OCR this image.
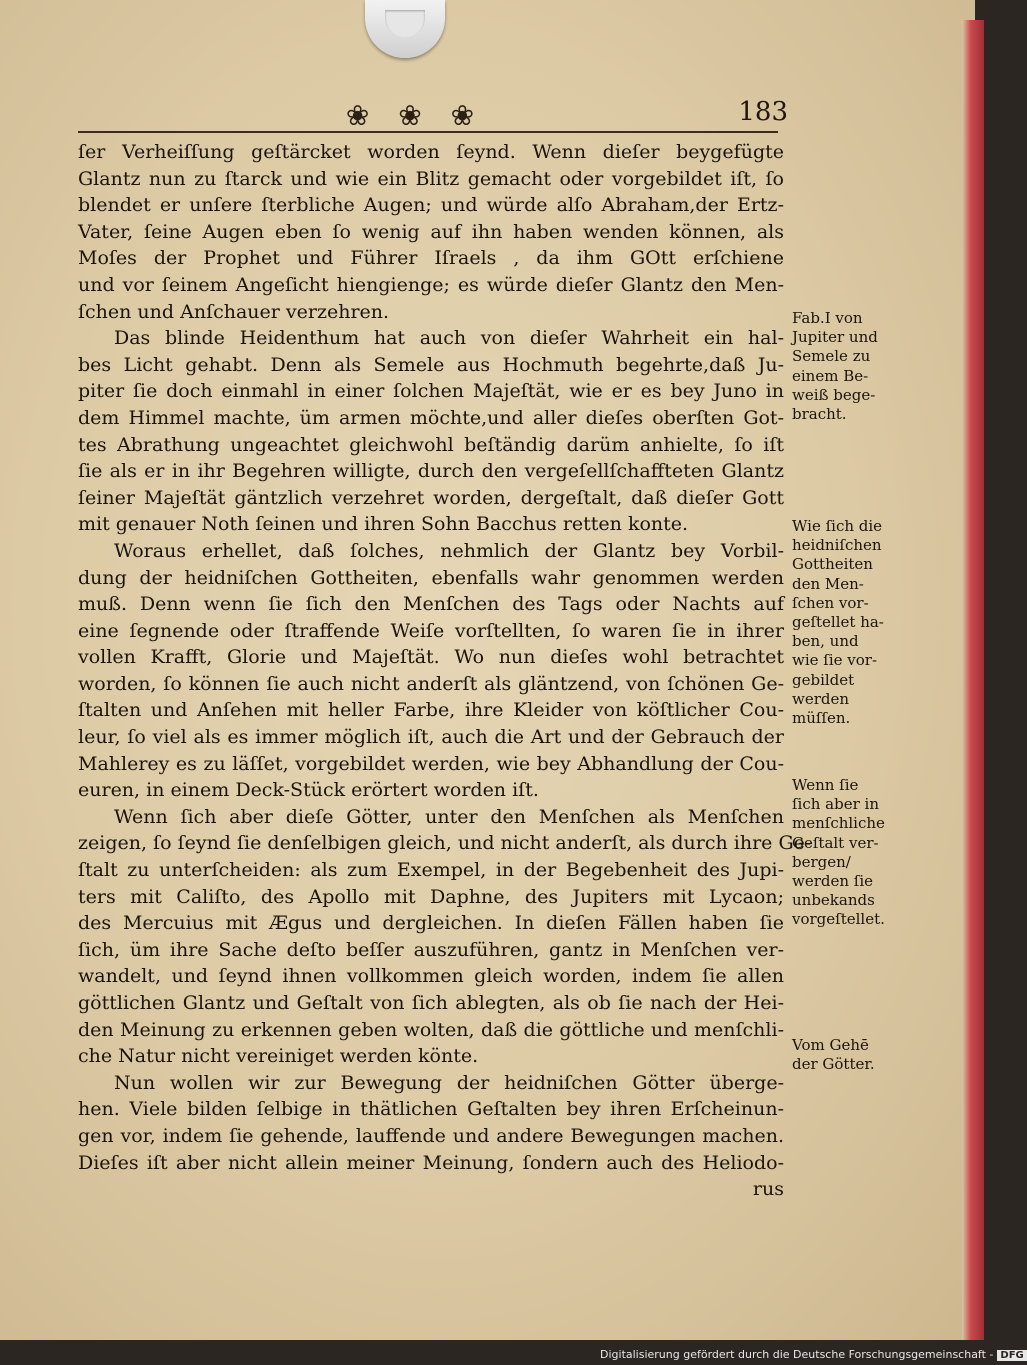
❀ ❀ ❀	183
ſer Verheiſſung geſtärcket worden ſeynd. Wenn dieſer beygefügte
Glantz nun zu ſtarck und wie ein Blitz gemacht oder vorgebildet iſt, ſo
blendet er unſere ſterbliche Augen; und würde alſo Abraham,der Ertz-
Vater, ſeine Augen eben ſo wenig auf ihn haben wenden können, als
Moſes der Prophet und Führer Iſraels , da ihm GOtt erſchiene
und vor ſeinem Angeſicht hiengienge; es würde dieſer Glantz den Men-
ſchen und Anſchauer verzehren.
Das blinde Heidenthum hat auch von dieſer Wahrheit ein hal-
bes Licht gehabt. Denn als Semele aus Hochmuth begehrte,daß Ju-
piter ſie doch einmahl in einer ſolchen Majeſtät, wie er es bey Juno in
dem Himmel machte, üm armen möchte,und aller dieſes oberſten Got-
tes Abrathung ungeachtet gleichwohl beſtändig darüm anhielte, ſo iſt
ſie als er in ihr Begehren willigte, durch den vergeſellſchaffteten Glantz
ſeiner Majeſtät gäntzlich verzehret worden, dergeſtalt, daß dieſer Gott
mit genauer Noth ſeinen und ihren Sohn Bacchus retten konte.
Woraus erhellet, daß ſolches, nehmlich der Glantz bey Vorbil-
dung der heidniſchen Gottheiten, ebenfalls wahr genommen werden
muß. Denn wenn ſie ſich den Menſchen des Tags oder Nachts auf
eine ſegnende oder ſtraffende Weiſe vorſtellten, ſo waren ſie in ihrer
vollen Krafft, Glorie und Majeſtät. Wo nun dieſes wohl betrachtet
worden, ſo können ſie auch nicht anderſt als gläntzend, von ſchönen Ge-
ſtalten und Anſehen mit heller Farbe, ihre Kleider von köſtlicher Cou-
leur, ſo viel als es immer möglich iſt, auch die Art und der Gebrauch der
Mahlerey es zu läſſet, vorgebildet werden, wie bey Abhandlung der Cou-
euren, in einem Deck-Stück erörtert worden iſt.
Wenn ſich aber dieſe Götter, unter den Menſchen als Menſchen
zeigen, ſo ſeynd ſie denſelbigen gleich, und nicht anderſt, als durch ihre Ge-
ſtalt zu unterſcheiden: als zum Exempel, in der Begebenheit des Jupi-
ters mit Caliſto, des Apollo mit Daphne, des Jupiters mit Lycaon;
des Mercuius mit Ægus und dergleichen. In dieſen Fällen haben ſie
ſich, üm ihre Sache deſto beſſer auszuführen, gantz in Menſchen ver-
wandelt, und ſeynd ihnen vollkommen gleich worden, indem ſie allen
göttlichen Glantz und Geſtalt von ſich ablegten, als ob ſie nach der Hei-
den Meinung zu erkennen geben wolten, daß die göttliche und menſchli-
che Natur nicht vereiniget werden könte.
Nun wollen wir zur Bewegung der heidniſchen Götter überge-
hen. Viele bilden ſelbige in thätlichen Geſtalten bey ihren Erſcheinun-
gen vor, indem ſie gehende, lauffende und andere Bewegungen machen.
Dieſes iſt aber nicht allein meiner Meinung, ſondern auch des Heliodo-
rus
Fab.I von
Jupiter und
Semele zu
einem Be-
weiß bege-
bracht.
Wie ſich die
heidniſchen
Gottheiten
den Men-
ſchen vor-
geſtellet ha-
ben, und
wie ſie vor-
gebildet
werden
müſſen.
Wenn ſie
ſich aber in
menſchliche
Geſtalt ver-
bergen/
werden ſie
unbekands
vorgeſtellet.
Vom Gehē
der Götter.
Digitalisierung gefördert durch die Deutsche Forschungsgemeinschaft - DFG
